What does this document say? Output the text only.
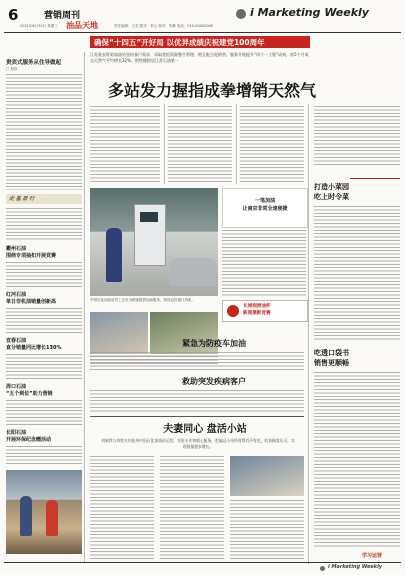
6	营销周刊
油品天地
2021年6月30日 星期三	责任编辑：王芸 版式：李云 校对：朱琳 电话：010-00000000
i Marketing Weekly
确保“十四五”开好局 以优异成绩庆祝建党100周年
贵宾式服务从住导做起
□ 郑伟
走 基 层 行
衢州石油
围绕专项抽扣开展竞赛
红河石油
单日非机油销量创新高
宜春石油
直分销量同比增长130%
周口石油
“五个到位”助力营销
长阳石油
开展环保纪念赠活动
江苏淮安盱眙加油站坚持客户需求，采取宽松资源整合管理，相互配合促销售，服务升级提升“四个一工程”成效，前5个月成交天然气平均增长32%，销售额稳居江苏石油第一
多站发力握指成拳增销天然气
一笔加油
让南京非常全速便捷
长城润滑油杯
新闻摄影竞赛
中国石化加油站员工正在为顾客提供加油服务，展现良好窗口形象。
紧急为防疫车加油
救助突发疾病客户
夫妻同心 盘活小站
刘新铁与刘欣夫妇投身中国石化加油站运营，凭借专业和细心服务，把偏远小站经营得有声有色，收获顾客认可，实现销量稳步增长。
打造小菜园
吃上时令菜
吃透口袋书
销售更顺畅
学习运营
i Marketing Weekly
